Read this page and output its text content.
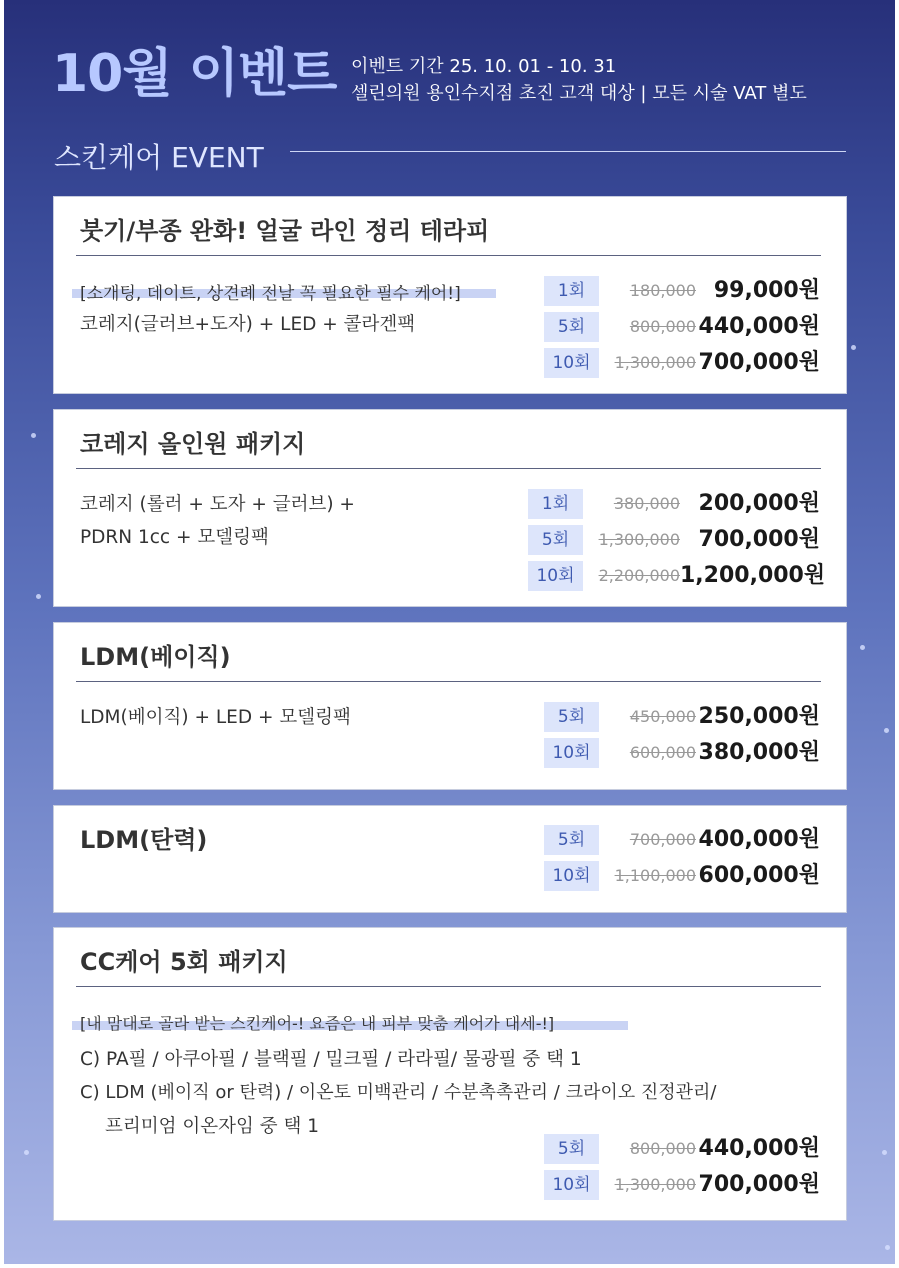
10월 이벤트 이벤트 기간 25. 10. 01 - 10. 31
셀린의원 용인수지점 초진 고객 대상 | 모든 시술 VAT 별도
스킨케어 EVENT
붓기/부종 완화! 얼굴 라인 정리 테라피
[소개팅, 데이트, 상견례 전날 꼭 필요한 필수 케어!]
코레지(글러브+도자) + LED + 콜라겐팩
1회	180,000 99,000원
5회	800,000 440,000원
10회	1,300,000 700,000원
코레지 올인원 패키지
코레지 (롤러 + 도자 + 글러브) +
PDRN 1cc + 모델링팩
1회	380,000 200,000원
5회	1,300,000 700,000원
10회	2,200,000 1,200,000원
LDM(베이직)
LDM(베이직) + LED + 모델링팩	5회	450,000 250,000원
10회	600,000 380,000원
LDM(탄력)	5회	700,000 400,000원
10회	1,100,000 600,000원
CC케어 5회 패키지
[내 맘대로 골라 받는 스킨케어-! 요즘은 내 피부 맞춤 케어가 대세-!]
C) PA필 / 아쿠아필 / 블랙필 / 밀크필 / 라라필/ 물광필 중 택 1
C) LDM (베이직 or 탄력) / 이온토 미백관리 / 수분촉촉관리 / 크라이오 진정관리/
프리미엄 이온자임 중 택 1
5회	800,000 440,000원
10회	1,300,000 700,000원
